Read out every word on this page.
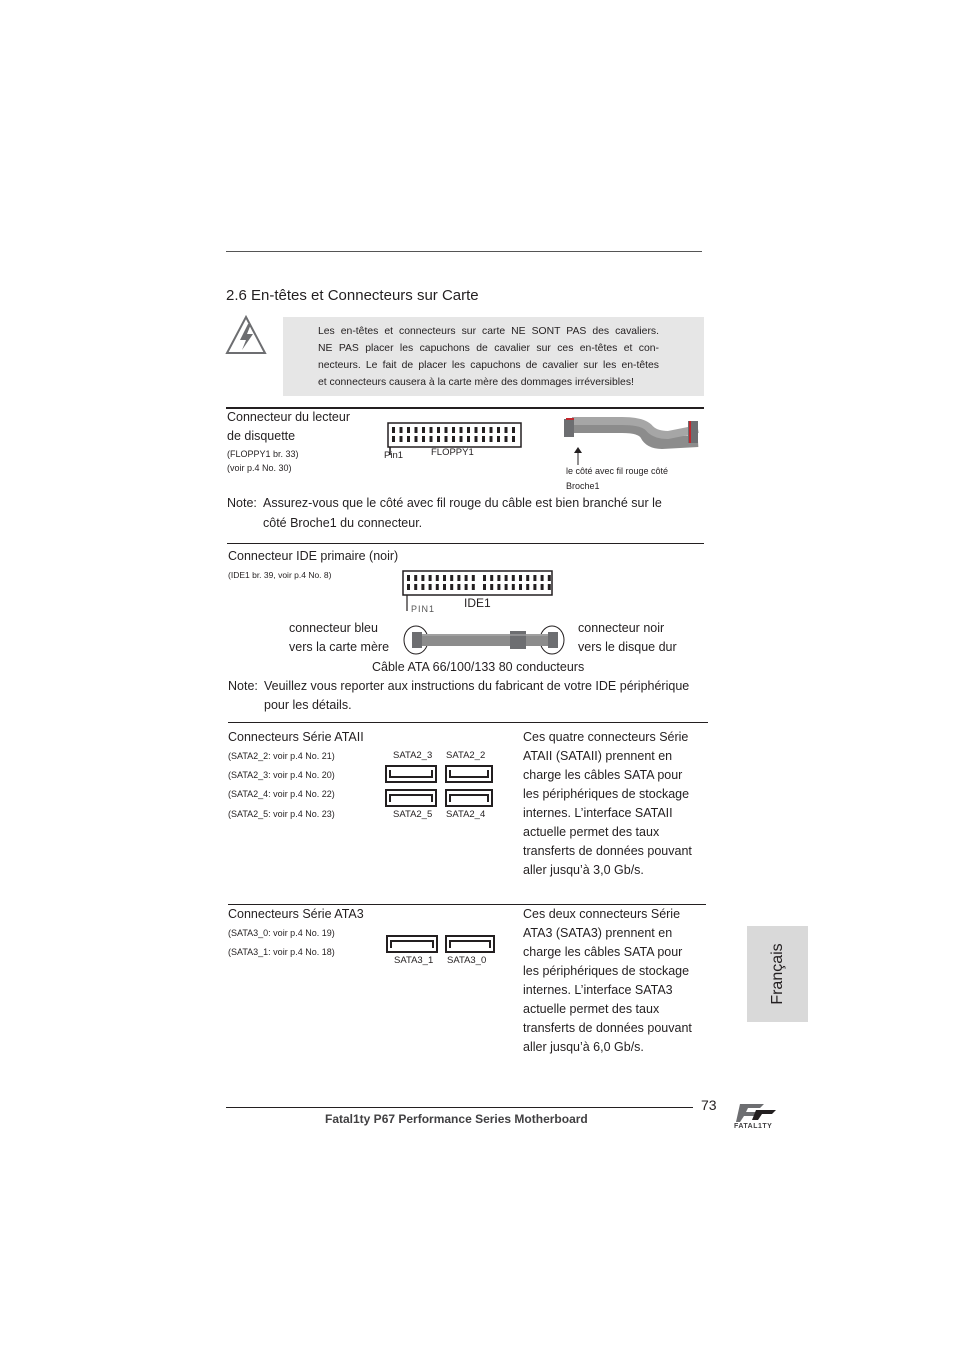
2.6 En-têtes et Connecteurs sur Carte
Les en-têtes et connecteurs sur carte NE SONT PAS des cavaliers.
NE PAS placer les capuchons de cavalier sur ces en-têtes et con-
necteurs. Le fait de placer les capuchons de cavalier sur les en-têtes
et connecteurs causera à la carte mère des dommages irréversibles!
Connecteur du lecteur
de disquette
(FLOPPY1 br. 33)
(voir p.4 No. 30)
Pin1	FLOPPY1
le côté avec fil rouge côté
Broche1
Note: Assurez-vous que le côté avec fil rouge du câble est bien branché sur le
côté Broche1 du connecteur.
Connecteur IDE primaire (noir)
(IDE1 br. 39, voir p.4 No. 8)
PIN1 IDE1
connecteur bleu
vers la carte mère
connecteur noir
vers le disque dur
Câble ATA 66/100/133 80 conducteurs
Note: Veuillez vous reporter aux instructions du fabricant de votre IDE périphérique
pour les détails.
Connecteurs Série ATAII
(SATA2_2: voir p.4 No. 21)
(SATA2_3: voir p.4 No. 20)
(SATA2_4: voir p.4 No. 22)
(SATA2_5: voir p.4 No. 23)
SATA2_3 SATA2_2
SATA2_5 SATA2_4
Ces quatre connecteurs Série
ATAII (SATAII) prennent en
charge les câbles SATA pour
les périphériques de stockage
internes. L’interface SATAII
actuelle permet des taux
transferts de données pouvant
aller jusqu’à 3,0 Gb/s.
Connecteurs Série ATA3
(SATA3_0: voir p.4 No. 19)
(SATA3_1: voir p.4 No. 18)
SATA3_1 SATA3_0
Ces deux connecteurs Série
ATA3 (SATA3) prennent en
charge les câbles SATA pour
les périphériques de stockage
internes. L’interface SATA3
actuelle permet des taux
transferts de données pouvant
aller jusqu’à 6,0 Gb/s.
Français
73
Fatal1ty P67 Performance Series Motherboard
FATAL1TY
